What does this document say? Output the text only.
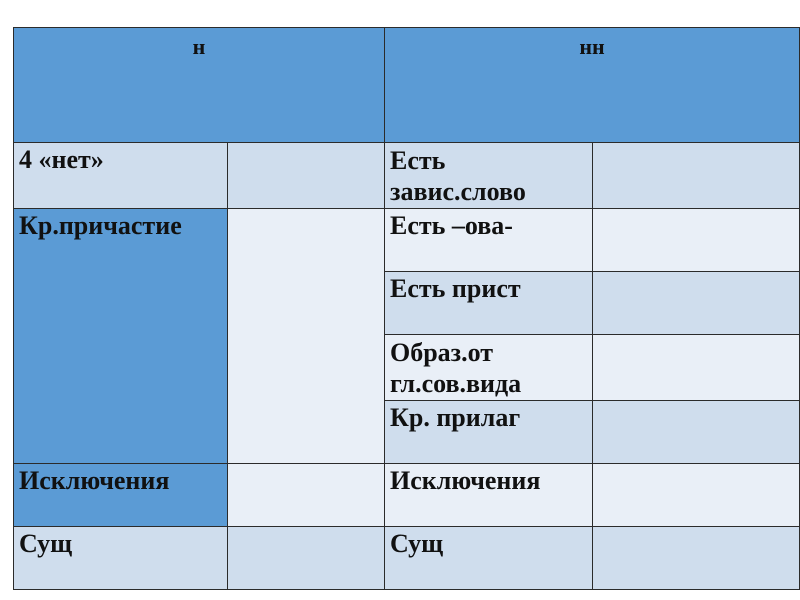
н	нн
4 «нет»
Кр.причастие
Исключения
Сущ
Есть
завис.слово
Есть –ова-
Есть прист
Образ.от
гл.сов.вида
Кр. прилаг
Исключения
Сущ
